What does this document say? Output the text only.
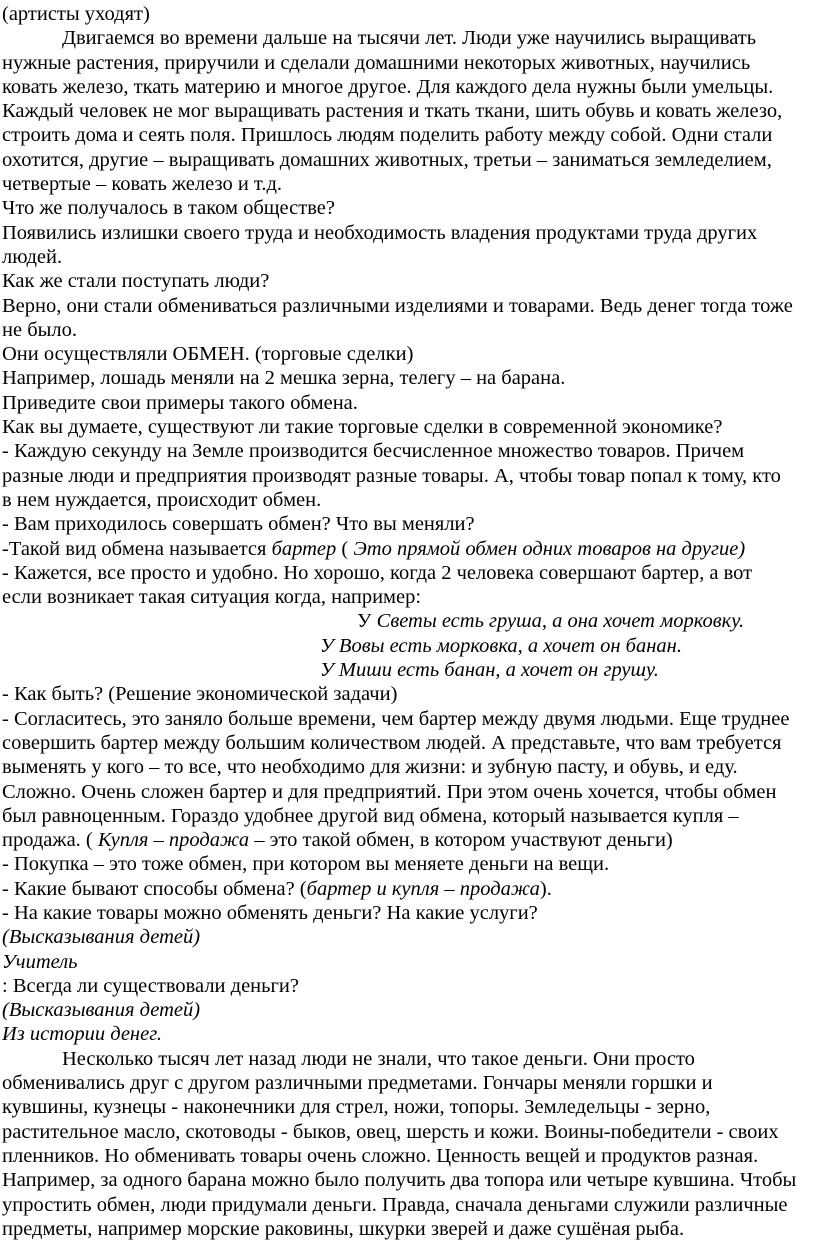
(артисты уходят)
Двигаемся во времени дальше на тысячи лет. Люди уже научились выращивать
нужные растения, приручили и сделали домашними некоторых животных, научились
ковать железо, ткать материю и многое другое. Для каждого дела нужны были умельцы.
Каждый человек не мог выращивать растения и ткать ткани, шить обувь и ковать железо,
строить дома и сеять поля. Пришлось людям поделить работу между собой. Одни стали
охотится, другие – выращивать домашних животных, третьи – заниматься земледелием,
четвертые – ковать железо и т.д.
Что же получалось в таком обществе?
Появились излишки своего труда и необходимость владения продуктами труда других
людей.
Как же стали поступать люди?
Верно, они стали обмениваться различными изделиями и товарами. Ведь денег тогда тоже
не было.
Они осуществляли ОБМЕН. (торговые сделки)
Например, лошадь меняли на 2 мешка зерна, телегу – на барана.
Приведите свои примеры такого обмена.
Как вы думаете, существуют ли такие торговые сделки в современной экономике?
- Каждую секунду на Земле производится бесчисленное множество товаров. Причем
разные люди и предприятия производят разные товары. А, чтобы товар попал к тому, кто
в нем нуждается, происходит обмен.
- Вам приходилось совершать обмен? Что вы меняли?
-Такой вид обмена называется бартер ( Это прямой обмен одних товаров на другие)
- Кажется, все просто и удобно. Но хорошо, когда 2 человека совершают бартер, а вот
если возникает такая ситуация когда, например:
У Светы есть груша, а она хочет морковку.
У Вовы есть морковка, а хочет он банан.
У Миши есть банан, а хочет он грушу.
- Как быть? (Решение экономической задачи)
- Согласитесь, это заняло больше времени, чем бартер между двумя людьми. Еще труднее
совершить бартер между большим количеством людей. А представьте, что вам требуется
выменять у кого – то все, что необходимо для жизни: и зубную пасту, и обувь, и еду.
Сложно. Очень сложен бартер и для предприятий. При этом очень хочется, чтобы обмен
был равноценным. Гораздо удобнее другой вид обмена, который называется купля –
продажа. ( Купля – продажа – это такой обмен, в котором участвуют деньги)
- Покупка – это тоже обмен, при котором вы меняете деньги на вещи.
- Какие бывают способы обмена? (бартер и купля – продажа).
- На какие товары можно обменять деньги? На какие услуги?
(Высказывания детей)
Учитель
: Всегда ли существовали деньги?
(Высказывания детей)
Из истории денег.
Несколько тысяч лет назад люди не знали, что такое деньги. Они просто
обменивались друг с другом различными предметами. Гончары меняли горшки и
кувшины, кузнецы - наконечники для стрел, ножи, топоры. Земледельцы - зерно,
растительное масло, скотоводы - быков, овец, шерсть и кожи. Воины-победители - своих
пленников. Но обменивать товары очень сложно. Ценность вещей и продуктов разная.
Например, за одного барана можно было получить два топора или четыре кувшина. Чтобы
упростить обмен, люди придумали деньги. Правда, сначала деньгами служили различные
предметы, например морские раковины, шкурки зверей и даже сушёная рыба.
